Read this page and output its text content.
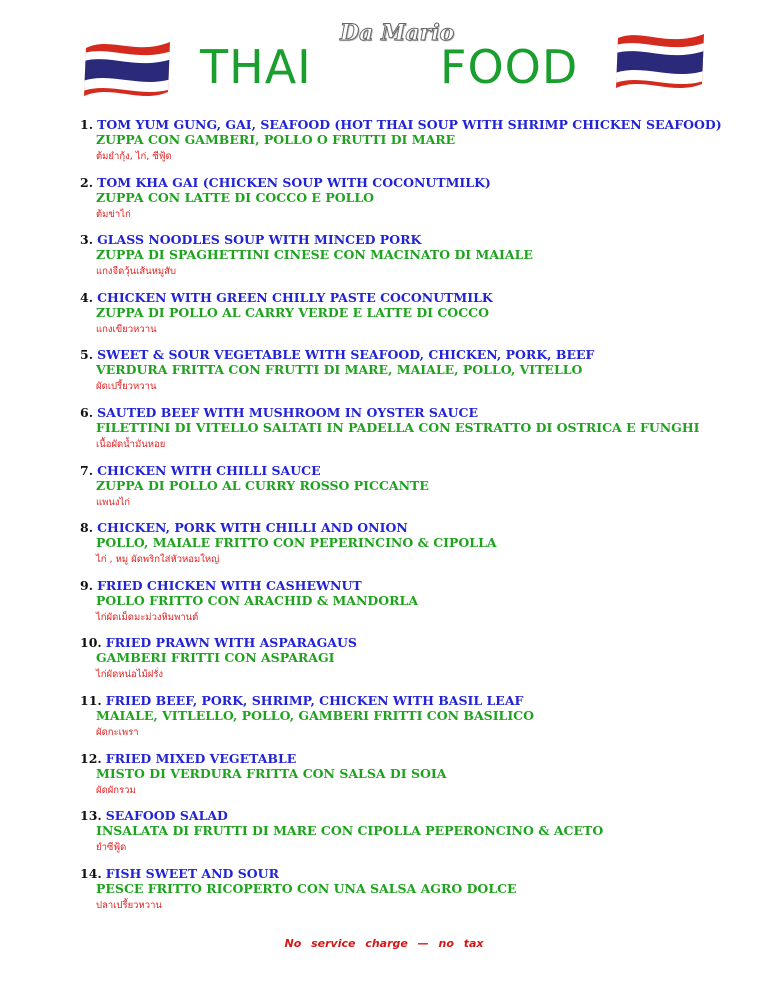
THAI
Da Mario
FOOD
1. TOM YUM GUNG, GAI, SEAFOOD (HOT THAI SOUP WITH SHRIMP CHICKEN SEAFOOD)
ZUPPA CON GAMBERI, POLLO O FRUTTI DI MARE
ต้มยำกุ้ง, ไก่, ซีฟู้ด
2. TOM KHA GAI (CHICKEN SOUP WITH COCONUTMILK)
ZUPPA CON LATTE DI COCCO E POLLO
ต้มข่าไก่
3. GLASS NOODLES SOUP WITH MINCED PORK
ZUPPA DI SPAGHETTINI CINESE CON MACINATO DI MAIALE
แกงจืดวุ้นเส้นหมูสับ
4. CHICKEN WITH GREEN CHILLY PASTE COCONUTMILK
ZUPPA DI POLLO AL CARRY VERDE E LATTE DI COCCO
แกงเขียวหวาน
5. SWEET & SOUR VEGETABLE WITH SEAFOOD, CHICKEN, PORK, BEEF
VERDURA FRITTA CON FRUTTI DI MARE, MAIALE, POLLO, VITELLO
ผัดเปรี้ยวหวาน
6. SAUTED BEEF WITH MUSHROOM IN OYSTER SAUCE
FILETTINI DI VITELLO SALTATI IN PADELLA CON ESTRATTO DI OSTRICA E FUNGHI
เนื้อผัดน้ำมันหอย
7. CHICKEN WITH CHILLI SAUCE
ZUPPA DI POLLO AL CURRY ROSSO PICCANTE
แพนงไก่
8. CHICKEN, PORK WITH CHILLI AND ONION
POLLO, MAIALE FRITTO CON PEPERINCINO & CIPOLLA
ไก่ , หมู ผัดพริกใส่หัวหอมใหญ่
9. FRIED CHICKEN WITH CASHEWNUT
POLLO FRITTO CON ARACHID & MANDORLA
ไก่ผัดเม็ดมะม่วงหิมพานต์
10. FRIED PRAWN WITH ASPARAGAUS
GAMBERI FRITTI CON ASPARAGI
ไก่ผัดหน่อไม้ฝรั่ง
11. FRIED BEEF, PORK, SHRIMP, CHICKEN WITH BASIL LEAF
MAIALE, VITLELLO, POLLO, GAMBERI FRITTI CON BASILICO
ผัดกะเพรา
12. FRIED MIXED VEGETABLE
MISTO DI VERDURA FRITTA CON SALSA DI SOIA
ผัดผักรวม
13. SEAFOOD SALAD
INSALATA DI FRUTTI DI MARE CON CIPOLLA PEPERONCINO & ACETO
ยำซีฟู้ด
14. FISH SWEET AND SOUR
PESCE FRITTO RICOPERTO CON UNA SALSA AGRO DOLCE
ปลาเปรี้ยวหวาน
No service charge — no tax
